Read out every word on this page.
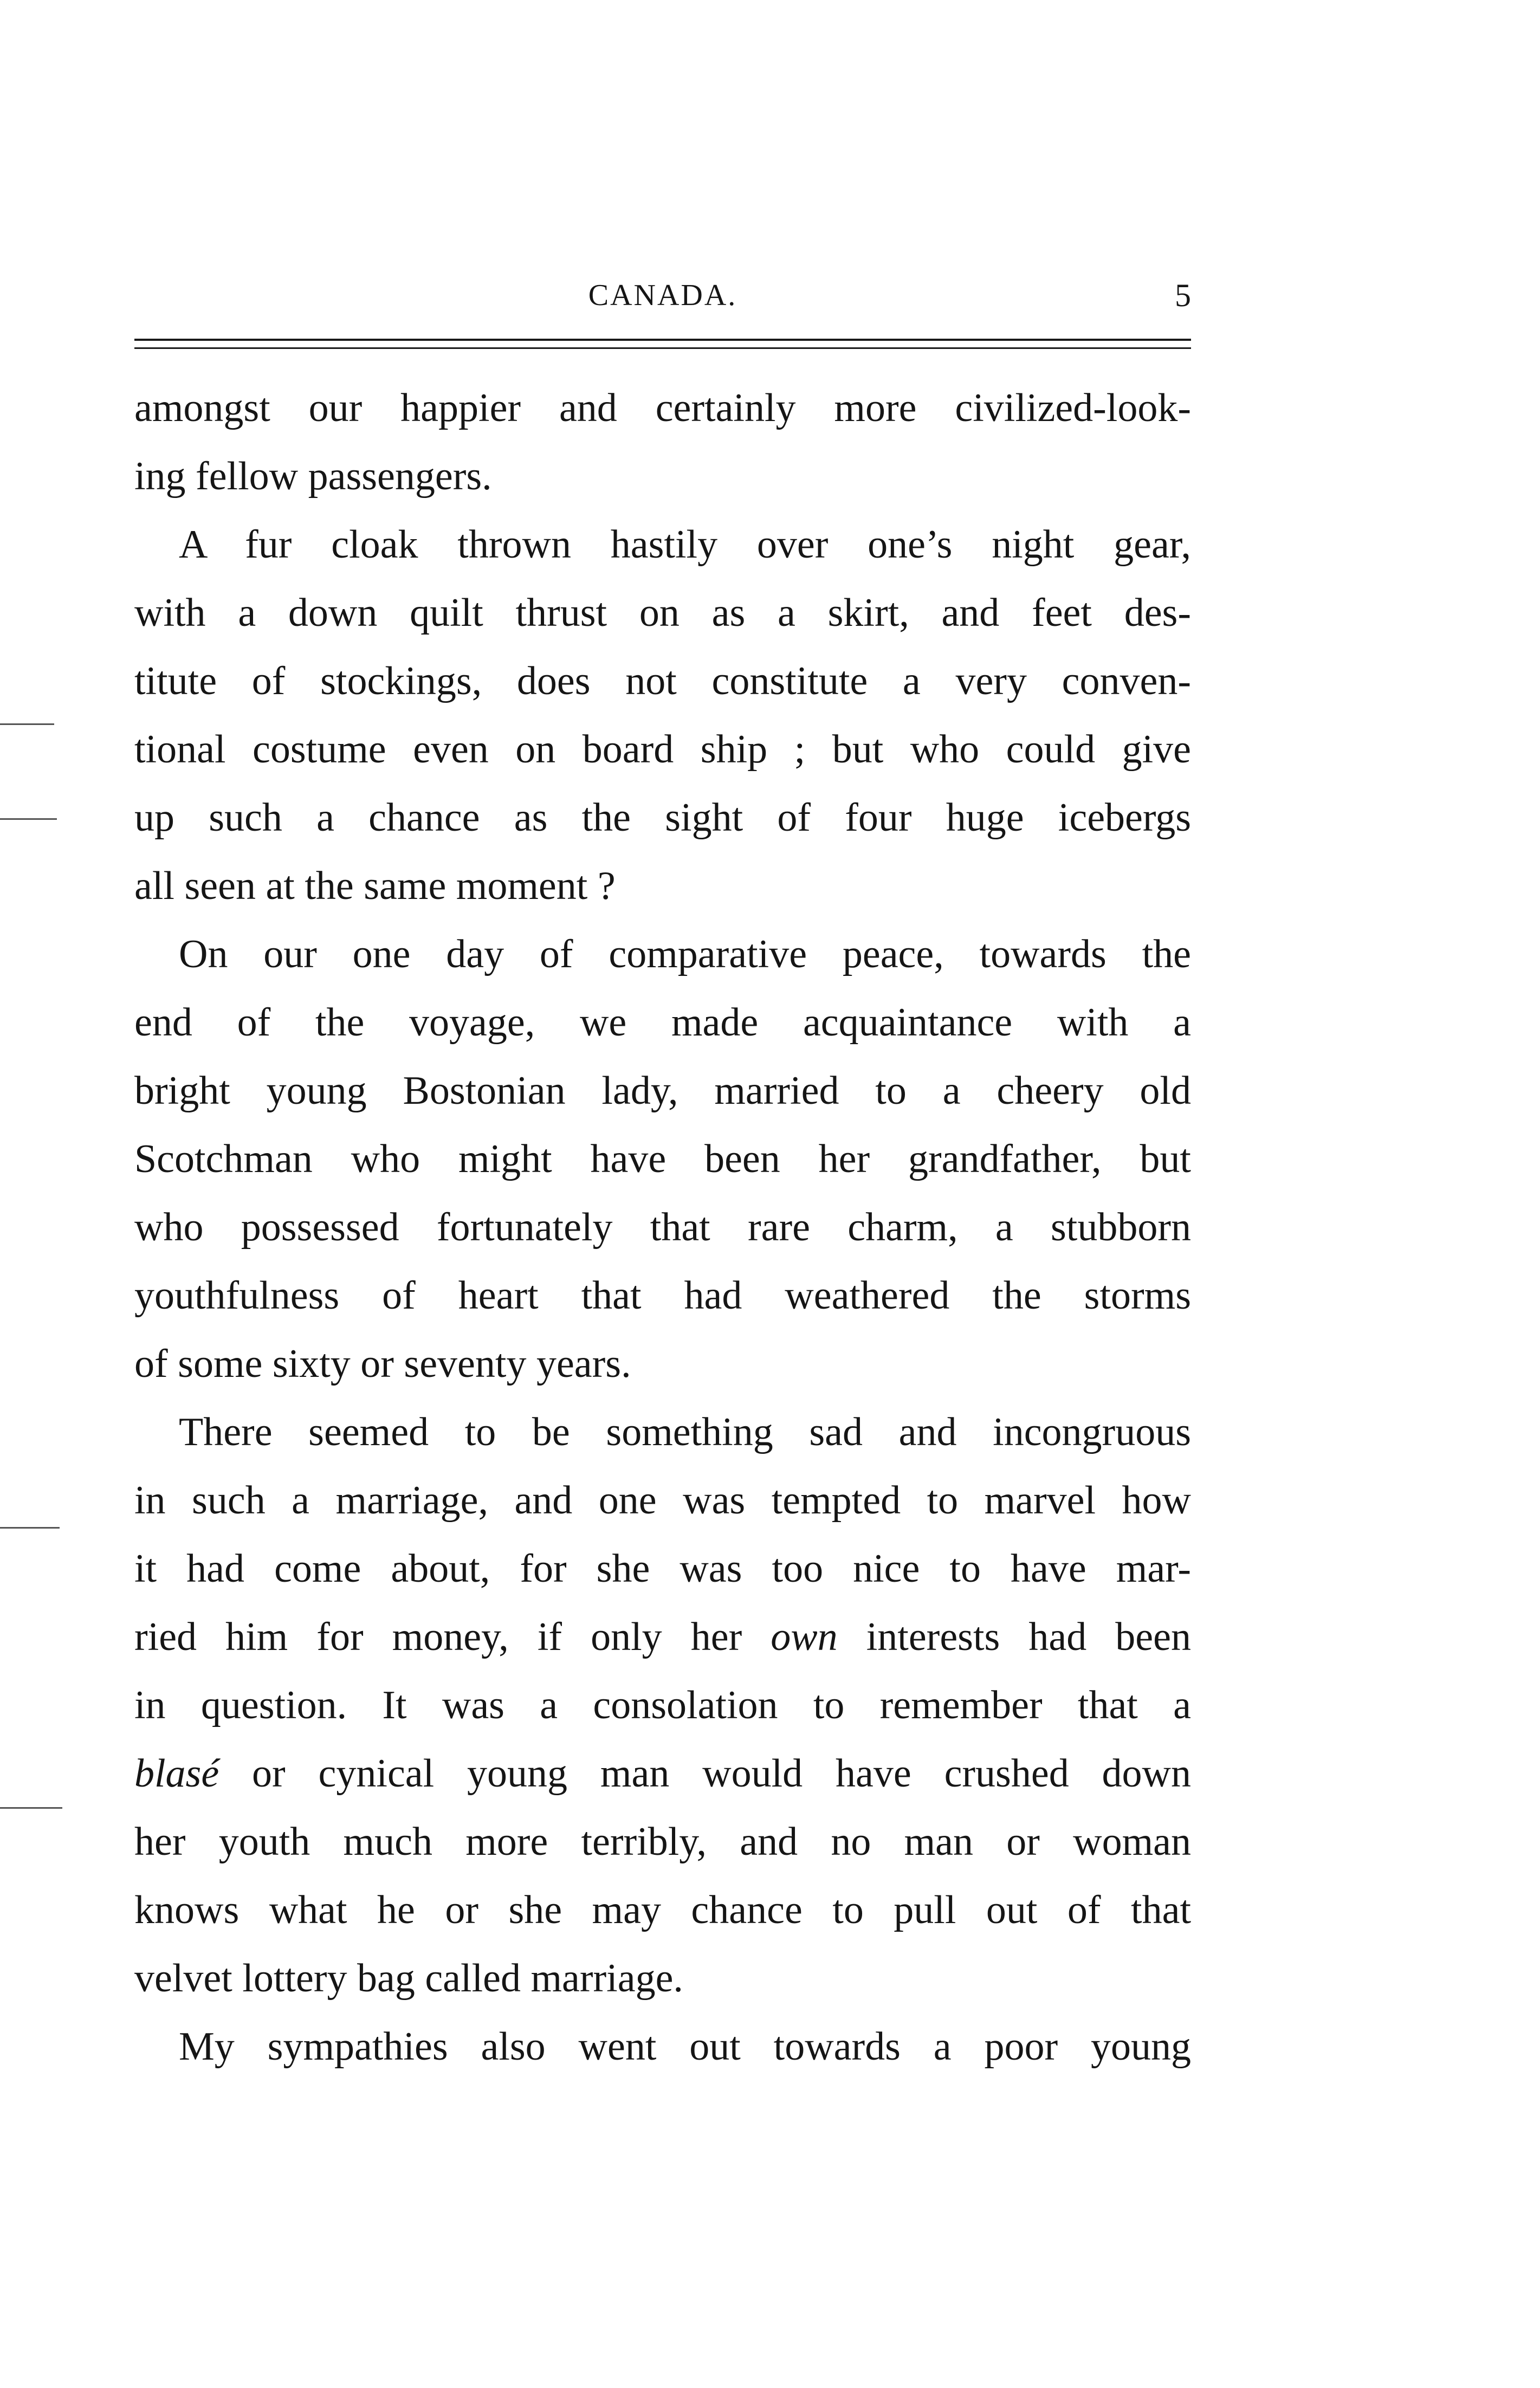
CANADA.	5
amongst our happier and certainly more civilized-look-
ing fellow passengers.
A fur cloak thrown hastily over one’s night gear,
with a down quilt thrust on as a skirt, and feet des-
titute of stockings, does not constitute a very conven-
tional costume even on board ship ; but who could give
up such a chance as the sight of four huge icebergs
all seen at the same moment ?
On our one day of comparative peace, towards the
end of the voyage, we made acquaintance with a
bright young Bostonian lady, married to a cheery old
Scotchman who might have been her grandfather, but
who possessed fortunately that rare charm, a stubborn
youthfulness of heart that had weathered the storms
of some sixty or seventy years.
There seemed to be something sad and incongruous
in such a marriage, and one was tempted to marvel how
it had come about, for she was too nice to have mar-
ried him for money, if only her own interests had been
in question. It was a consolation to remember that a
blasé or cynical young man would have crushed down
her youth much more terribly, and no man or woman
knows what he or she may chance to pull out of that
velvet lottery bag called marriage.
My sympathies also went out towards a poor young
